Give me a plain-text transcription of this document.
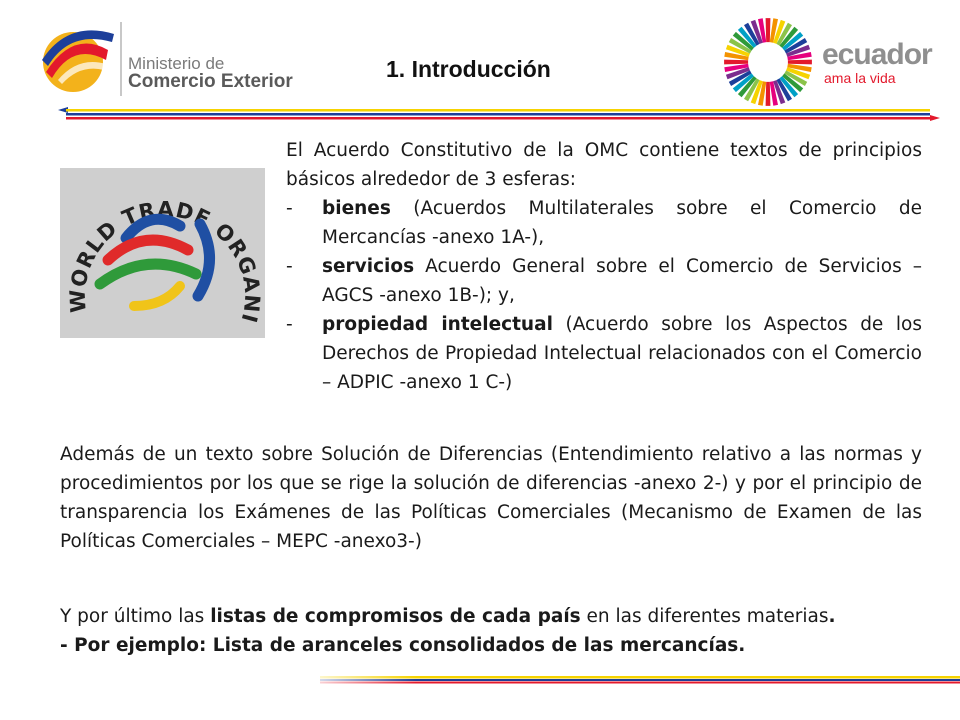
Ministerio de
Comercio Exterior	1. Introducción	ecuador
ama la vida
WORLD TRADE ORGANI

El Acuerdo Constitutivo de la OMC contiene textos de principios básicos alrededor de 3 esferas:

- bienes (Acuerdos Multilaterales sobre el Comercio de Mercancías -anexo 1A-),
- servicios Acuerdo General sobre el Comercio de Servicios – AGCS -anexo 1B-); y,
- propiedad intelectual (Acuerdo sobre los Aspectos de los Derechos de Propiedad Intelectual relacionados con el Comercio – ADPIC -anexo 1 C-)
Además de un texto sobre Solución de Diferencias (Entendimiento relativo a las normas y procedimientos por los que se rige la solución de diferencias -anexo 2-) y por el principio de transparencia los Exámenes de las Políticas Comerciales (Mecanismo de Examen de las Políticas Comerciales – MEPC -anexo3-)

Y por último las listas de compromisos de cada país en las diferentes materias.

- Por ejemplo: Lista de aranceles consolidados de las mercancías.
